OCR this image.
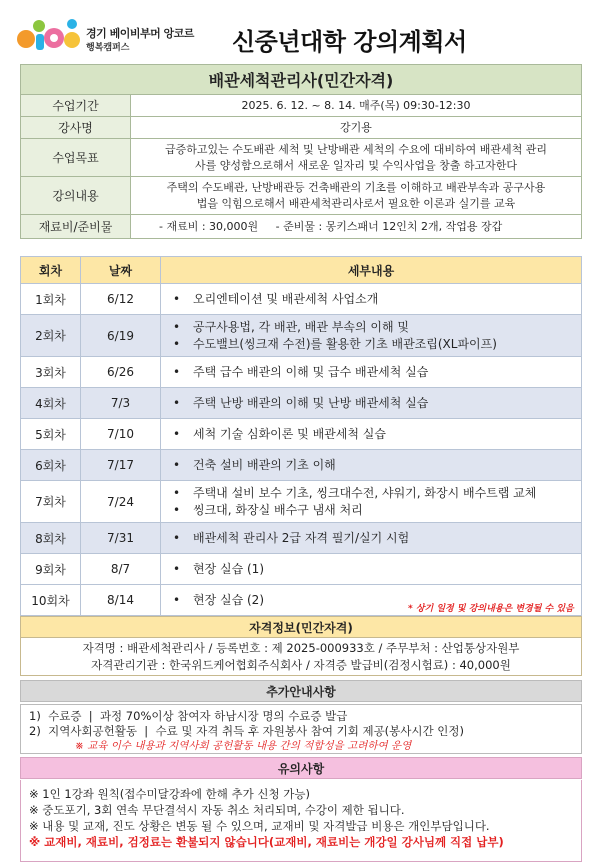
경기 베이비부머 앙코르
행복캠퍼스	신중년대학 강의계획서
배관세척관리사(민간자격)	
수업기간	2025. 6. 12. ~ 8. 14. 매주(목) 09:30-12:30

강사명	강기용

수업목표	급증하고있는 수도배관 세척 및 난방배관 세척의 수요에 대비하여 배관세척 관리
사를 양성함으로해서 새로운 일자리 및 수익사업을 창출 하고자한다

강의내용	주택의 수도배관, 난방배관등 건축배관의 기초를 이해하고 배관부속과 공구사용
법을 익힘으로해서 배관세척관리사로서 필요한 이론과 실기를 교육

재료비/준비물	- 재료비 : 30,000원     - 준비물 : 몽키스패너 12인치 2개, 작업용 장갑
회차	날짜	세부내용
1회차	6/12	• 오리엔테이션 및 배관세척 사업소개

2회차	6/19	• 공구사용법, 각 배관, 배관 부속의 이해 및
• 수도밸브(씽크재 수전)를 활용한 기초 배관조립(XL파이프)

3회차	6/26	• 주택 급수 배관의 이해 및 급수 배관세척 실습

4회차	7/3	• 주택 난방 배관의 이해 및 난방 배관세척 실습

5회차	7/10	• 세척 기술 심화이론 및 배관세척 실습

6회차	7/17	• 건축 설비 배관의 기초 이해

7회차	7/24	• 주택내 설비 보수 기초, 씽크대수전, 샤워기, 화장시 배수트랩 교체
• 씽크대, 화장실 배수구 냄새 처리

8회차	7/31	• 배관세척 관리사 2급 자격 필기/실기 시험

9회차	8/7	• 현장 실습 (1)

10회차	8/14	• 현장 실습 (2)
* 상기 일정 및 강의내용은 변경될 수 있음
자격정보(민간자격)
자격명 : 배관세척관리사 / 등록번호 : 제 2025-000933호 / 주무부처 : 산업통상자원부
자격관리기관 : 한국위드케어협회주식회사 / 자격증 발급비(검정시험료) : 40,000원
추가안내사항
1)  수료증  |  과정 70%이상 참여자 하남시장 명의 수료증 발급
2)  지역사회공헌활동  |  수료 및 자격 취득 후 자원봉사 참여 기회 제공(봉사시간 인정)
※ 교육 이수 내용과 지역사회 공헌활동 내용 간의 적합성을 고려하여 운영
유의사항
※ 1인 1강좌 원칙(접수미달강좌에 한해 추가 신청 가능)
※ 중도포기, 3회 연속 무단결석시 자동 취소 처리되며, 수강이 제한 됩니다.
※ 내용 및 교재, 진도 상황은 변동 될 수 있으며, 교재비 및 자격발급 비용은 개인부담입니다.
※ 교재비, 재료비, 검정료는 환불되지 않습니다(교재비, 재료비는 개강일 강사님께 직접 납부)
